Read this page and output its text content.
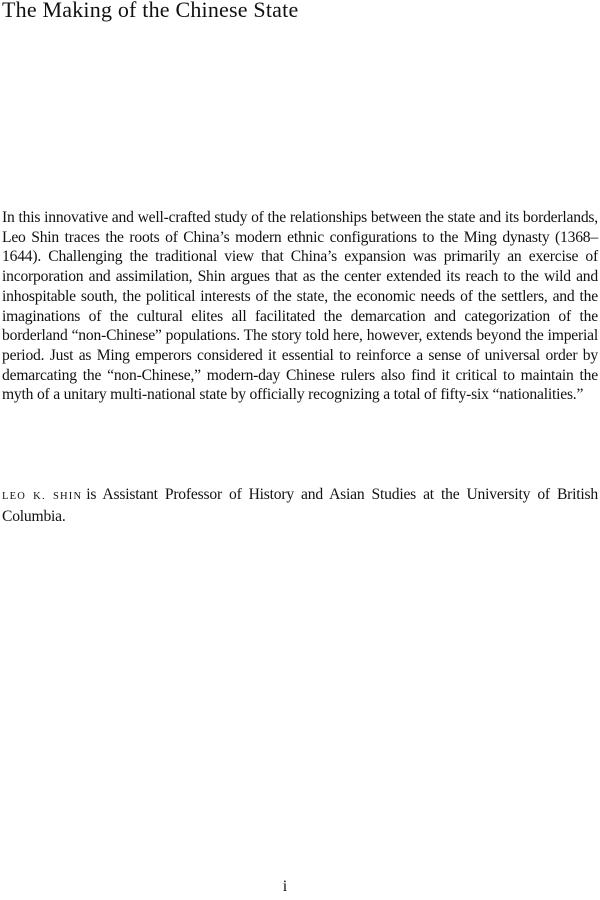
The Making of the Chinese State

In this innovative and well-crafted study of the relationships between the state and its borderlands, Leo Shin traces the roots of China’s modern ethnic configurations to the Ming dynasty (1368–1644). Challenging the traditional view that China’s expansion was primarily an exercise of incorporation and assimilation, Shin argues that as the center extended its reach to the wild and inhospitable south, the political interests of the state, the economic needs of the settlers, and the imaginations of the cultural elites all facilitated the demarcation and categorization of the borderland “non-Chinese” populations. The story told here, however, extends beyond the imperial period. Just as Ming emperors considered it essential to reinforce a sense of universal order by demarcating the “non-Chinese,” modern-day Chinese rulers also find it critical to maintain the myth of a unitary multi-national state by officially recognizing a total of fifty-six “nationalities.”

LEO K. SHIN is Assistant Professor of History and Asian Studies at the University of British Columbia.

i
